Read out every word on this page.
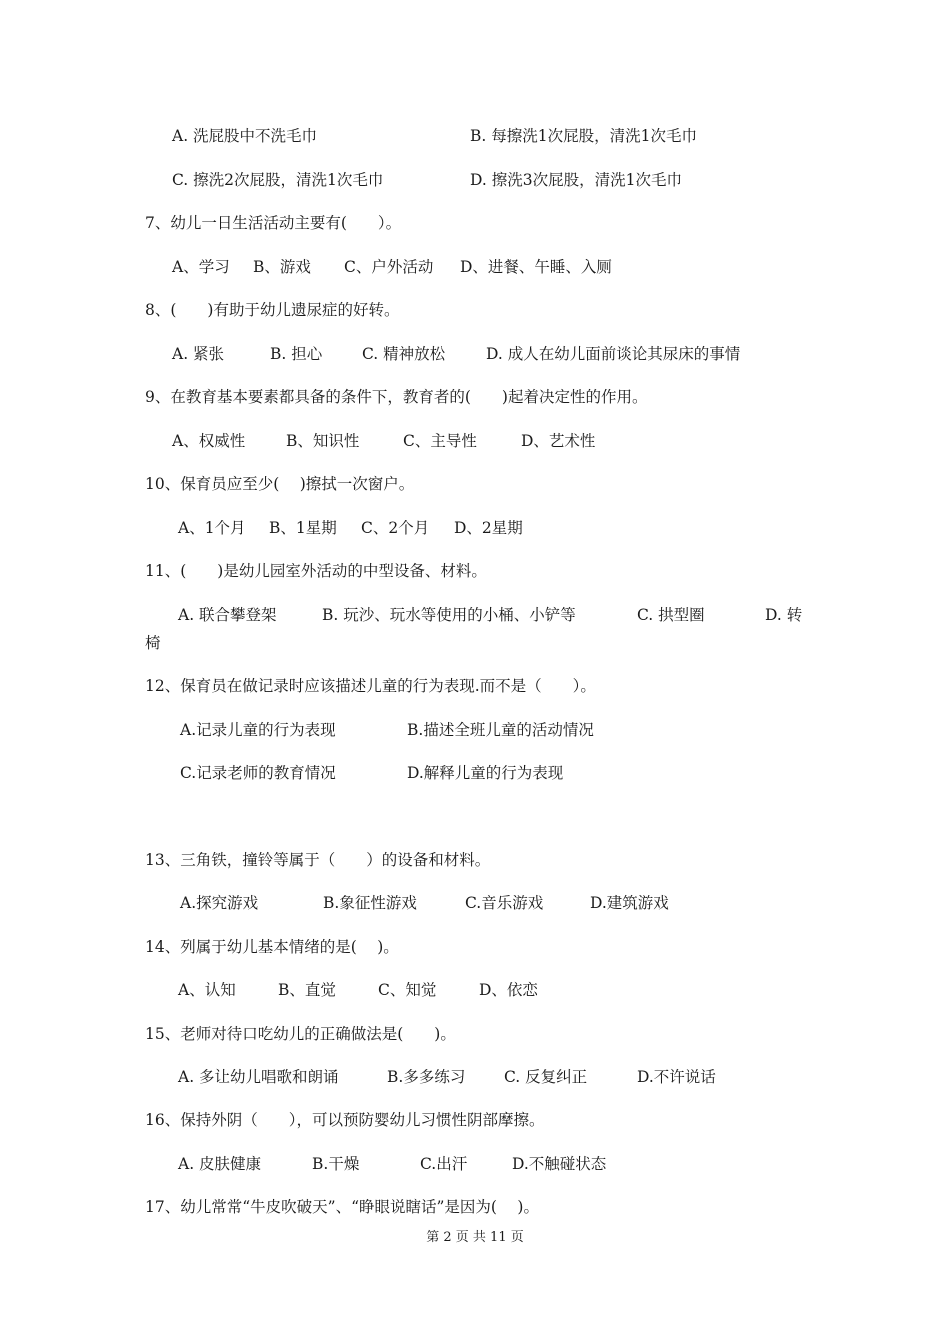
A. 洗屁股中不洗毛巾	B. 每擦洗1次屁股，清洗1次毛巾
C. 擦洗2次屁股，清洗1次毛巾	D. 擦洗3次屁股，清洗1次毛巾
7、幼儿一日生活活动主要有(　　）。
A、学习 B、游戏 C、户外活动 D、进餐、午睡、入厕
8、(　　)有助于幼儿遗尿症的好转。
A. 紧张	B. 担心	C. 精神放松	D. 成人在幼儿面前谈论其尿床的事情
9、在教育基本要素都具备的条件下，教育者的(　　)起着决定性的作用。
A、权威性	B、知识性	C、主导性	D、艺术性
10、保育员应至少(　 )擦拭一次窗户。
A、1个月 B、1星期 C、2个月 D、2星期
11、(　　)是幼儿园室外活动的中型设备、材料。
A. 联合攀登架	B. 玩沙、玩水等使用的小桶、小铲等	C. 拱型圈	D. 转
椅
12、保育员在做记录时应该描述儿童的行为表现.而不是（　　）。
A.记录儿童的行为表现	B.描述全班儿童的活动情况
C.记录老师的教育情况	D.解释儿童的行为表现
13、三角铁，撞铃等属于（　　）的设备和材料。
A.探究游戏	B.象征性游戏	C.音乐游戏	D.建筑游戏
14、列属于幼儿基本情绪的是(　 )。
A、认知	B、直觉	C、知觉	D、依恋
15、老师对待口吃幼儿的正确做法是(　　)。
A. 多让幼儿唱歌和朗诵	B.多多练习 C. 反复纠正	D.不许说话
16、保持外阴（　　），可以预防婴幼儿习惯性阴部摩擦。
A. 皮肤健康	B.干燥	C.出汗	D.不触碰状态
17、幼儿常常“牛皮吹破天”、“睁眼说瞎话”是因为(　 )。
第 2 页 共 11 页
